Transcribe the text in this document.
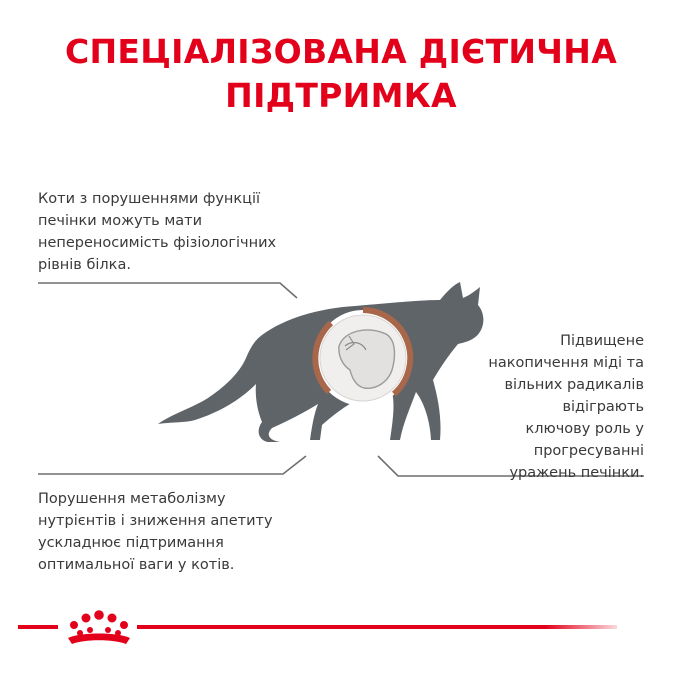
СПЕЦІАЛІЗОВАНА ДІЄТИЧНА
ПІДТРИМКА
Коти з порушеннями функції
печінки можуть мати
неперeносимість фізіологічних
рівнів білка.
Підвищене
накопичення міді та
вільних радикалів
відіграють
ключову роль у
прогресуванні
уражень печінки.
Порушення метаболізму
нутрієнтів і зниження апетиту
ускладнює підтримання
оптимальної ваги у котів.
